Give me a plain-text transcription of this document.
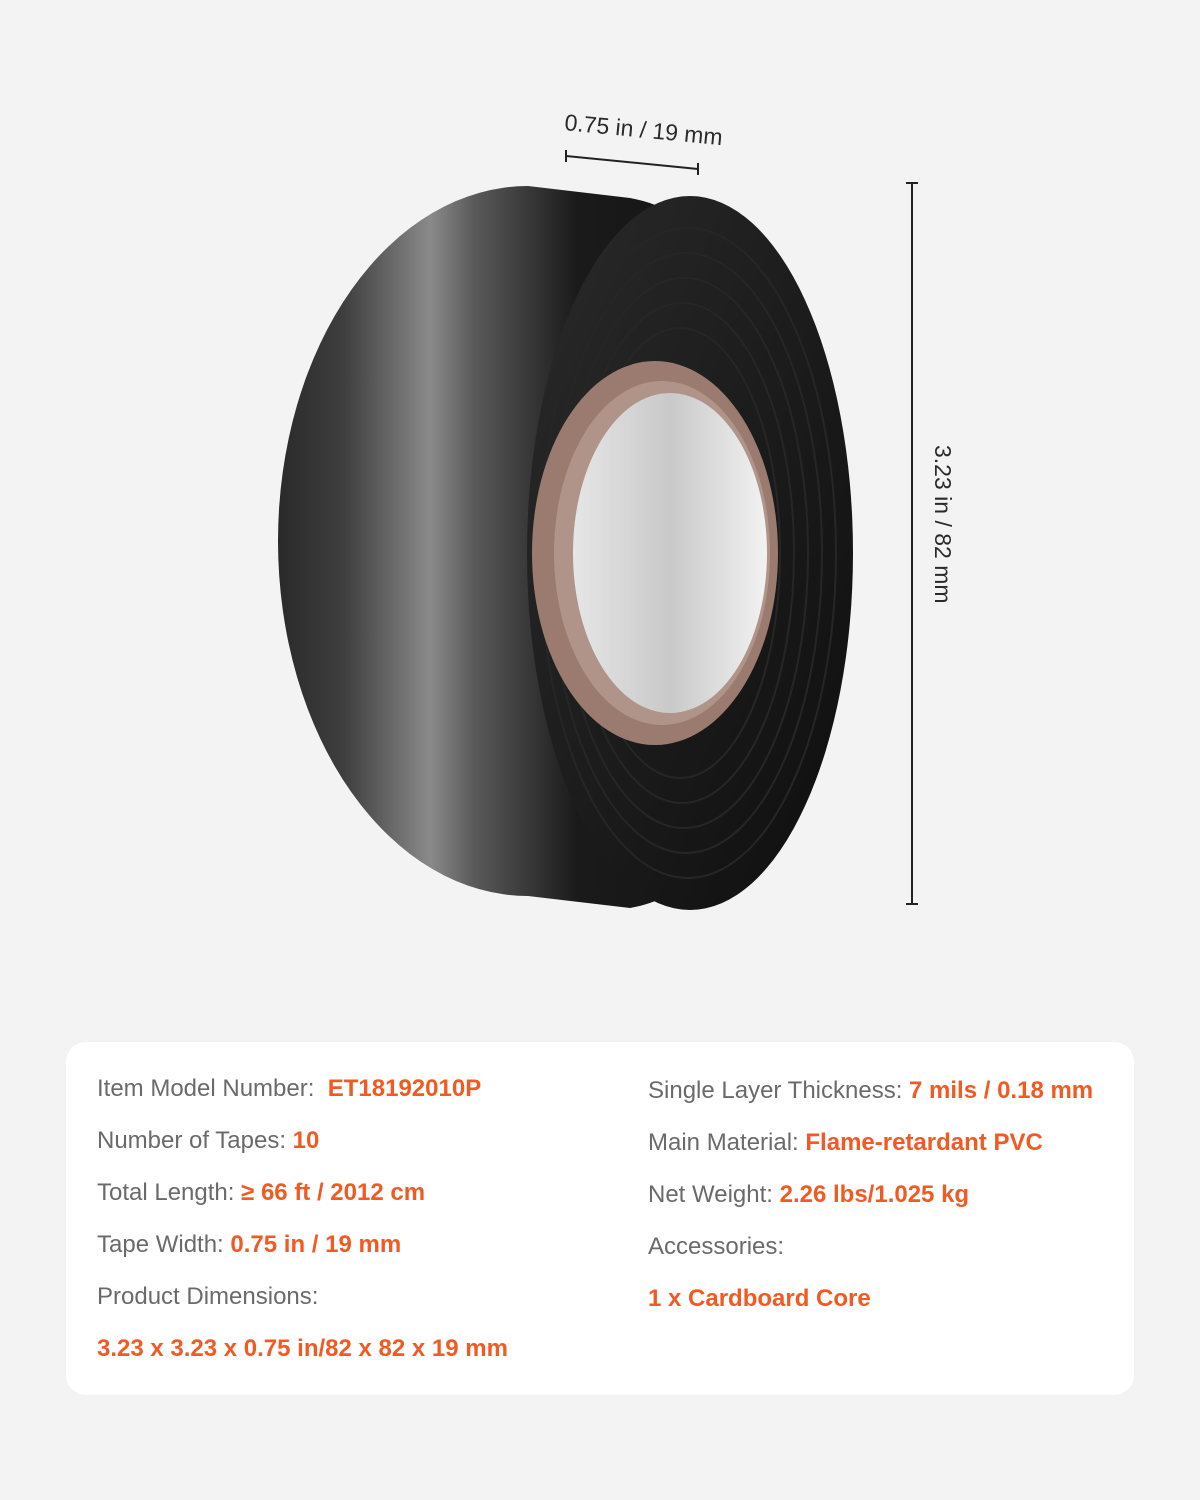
0.75 in / 19 mm
3.23 in / 82 mm
Item Model Number: ET18192010P
Number of Tapes: 10
Total Length: ≥ 66 ft / 2012 cm
Tape Width: 0.75 in / 19 mm
Product Dimensions:
3.23 x 3.23 x 0.75 in/82 x 82 x 19 mm
Single Layer Thickness: 7 mils / 0.18 mm
Main Material: Flame-retardant PVC
Net Weight: 2.26 lbs/1.025 kg
Accessories:
1 x Cardboard Core
